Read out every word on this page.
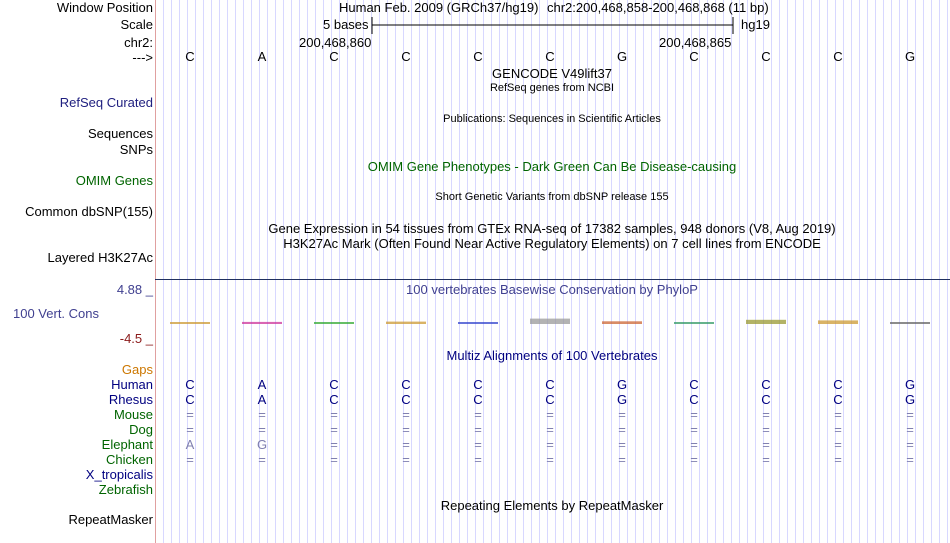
Window Position	Human Feb. 2009 (GRCh37/hg19) chr2:200,468,858-200,468,868 (11 bp)
Scale	5 bases	hg19
chr2:	200,468,860	200,468,865
---> C	A	C	C	C	C	G	C	C	C	G
GENCODE V49lift37
RefSeq genes from NCBI
RefSeq Curated
Publications: Sequences in Scientific Articles
Sequences
SNPs
OMIM Gene Phenotypes - Dark Green Can Be Disease-causing
OMIM Genes
Short Genetic Variants from dbSNP release 155
Common dbSNP(155)
Gene Expression in 54 tissues from GTEx RNA-seq of 17382 samples, 948 donors (V8, Aug 2019)
H3K27Ac Mark (Often Found Near Active Regulatory Elements) on 7 cell lines from ENCODE
Layered H3K27Ac
4.88 _	100 vertebrates Basewise Conservation by PhyloP
100 Vert. Cons
-4.5 _
Multiz Alignments of 100 Vertebrates
Gaps
Human C	A	C	C	C	C	G	C	C	C	G
Rhesus C	A	C	C	C	C	G	C	C	C	G
Mouse	=	=	=	=	=	=	=	=	=	=	=
Dog	=	=	=	=	=	=	=	=	=	=	=
Elephant	A	G	=	=	=	=	=	=	=	=	=
Chicken	=	=	=	=	=	=	=	=	=	=	=
X_tropicalis
Zebrafish
Repeating Elements by RepeatMasker
RepeatMasker
